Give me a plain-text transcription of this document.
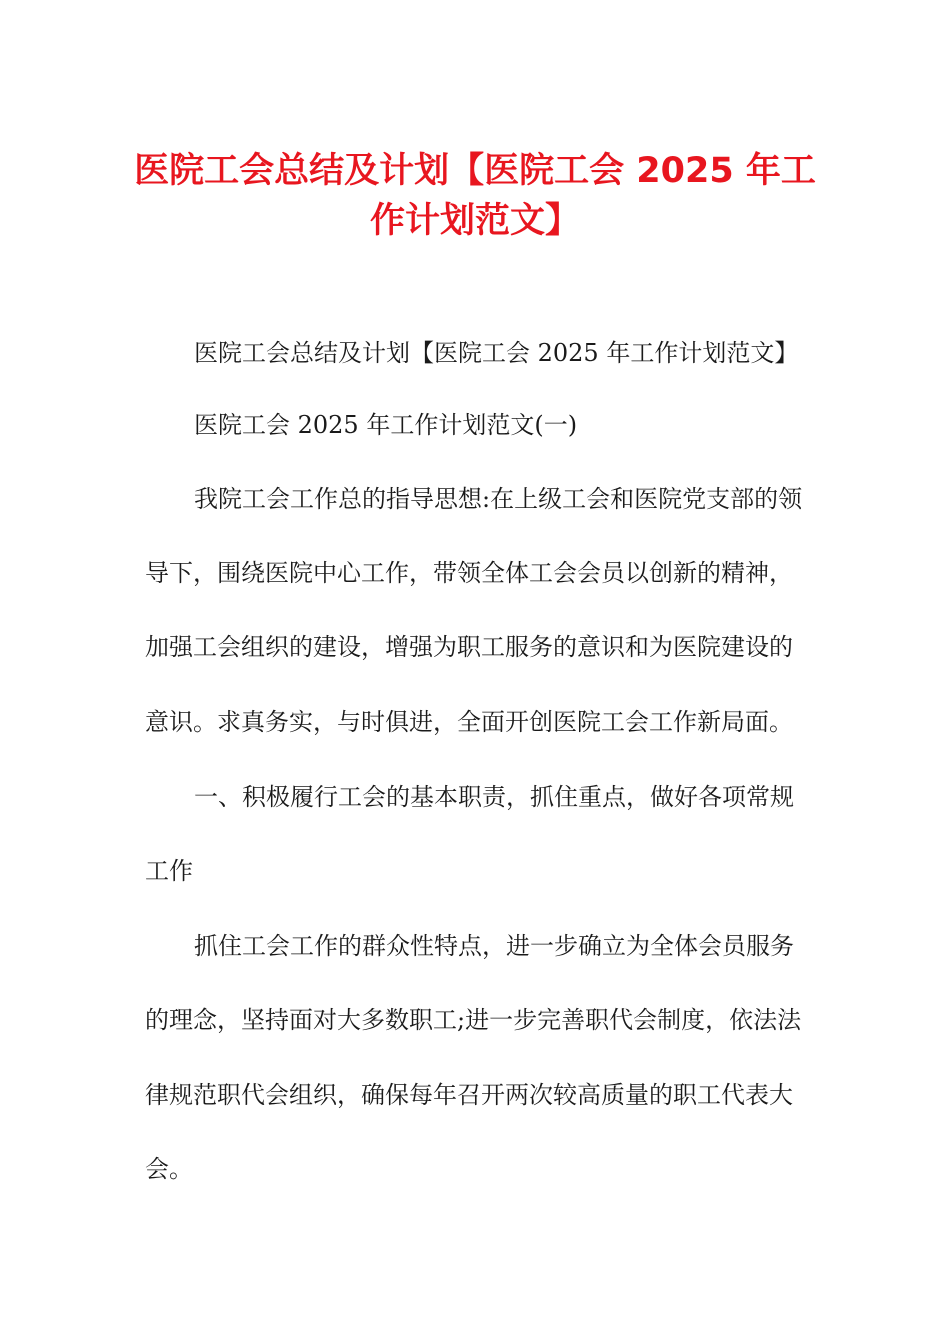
医院工会总结及计划【医院工会 2025 年工
作计划范文】

医院工会总结及计划【医院工会 2025 年工作计划范文】

医院工会 2025 年工作计划范文(一)

我院工会工作总的指导思想:在上级工会和医院党支部的领

导下，围绕医院中心工作，带领全体工会会员以创新的精神，

加强工会组织的建设，增强为职工服务的意识和为医院建设的

意识。求真务实，与时俱进，全面开创医院工会工作新局面。

一、积极履行工会的基本职责，抓住重点，做好各项常规

工作

抓住工会工作的群众性特点，进一步确立为全体会员服务

的理念，坚持面对大多数职工;进一步完善职代会制度，依法法

律规范职代会组织，确保每年召开两次较高质量的职工代表大

会。
